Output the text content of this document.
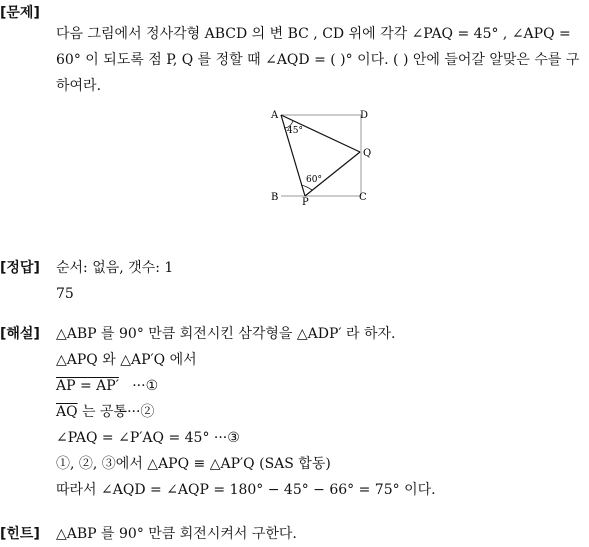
[문제]

다음 그림에서 정사각형 ABCD 의 변 BC , CD 위에 각각 ∠PAQ = 45° , ∠APQ = 60° 이 되도록 점 P, Q 를 정할 때 ∠AQD = ( )° 이다. ( ) 안에 들어갈 알맞은 수를 구하여라.

A	D
Q
B P	C
45°
60°
[정답] 순서: 없음, 갯수: 1
75
[해설] △ABP 를 90° 만큼 회전시킨 삼각형을 △ADP′ 라 하자.
△APQ 와 △AP′Q 에서
AP = AP′ ···①
$\overline{AQ}$ 는 공통···②
∠PAQ = ∠P′AQ = 45° ···③
①, ②, ③에서 △APQ ≡ △AP′Q (SAS 합동)
따라서 ∠AQD = ∠AQP = 180° − 45° − 66° = 75° 이다.
[힌트] △ABP 를 90° 만큼 회전시켜서 구한다.
